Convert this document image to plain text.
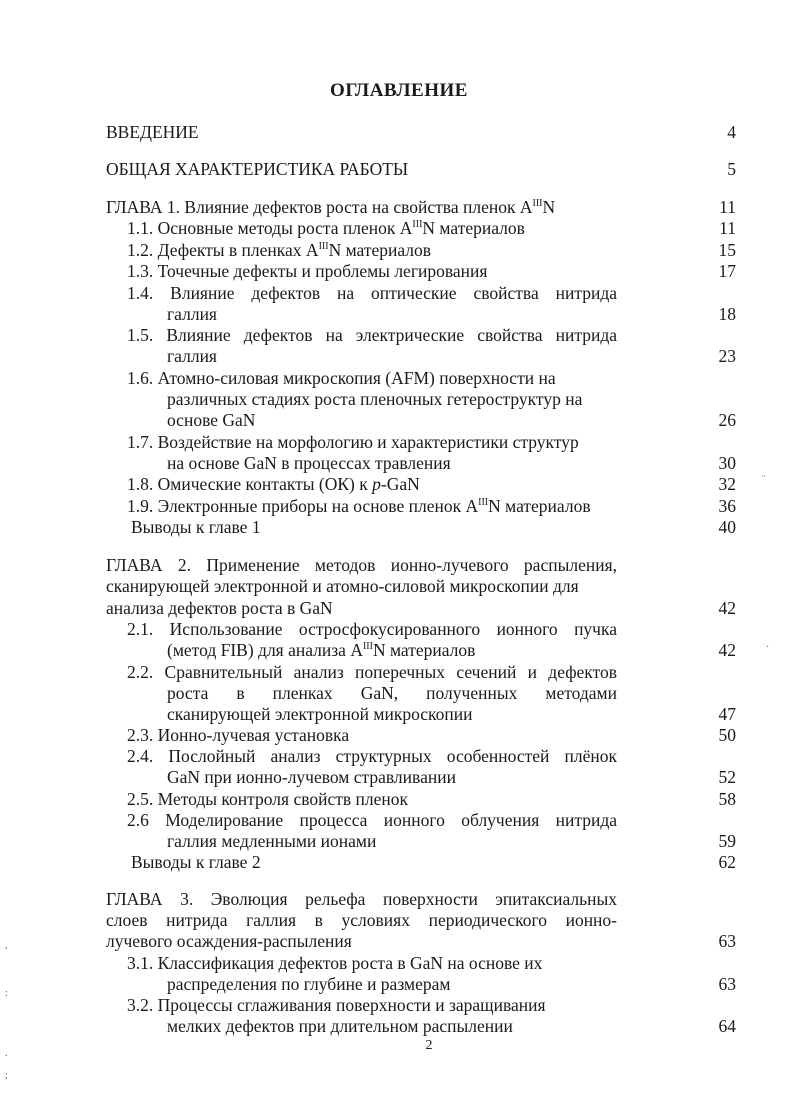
ОГЛАВЛЕНИЕ
ВВЕДЕНИЕ	4
ОБЩАЯ ХАРАКТЕРИСТИКА РАБОТЫ	5
ГЛАВА 1. Влияние дефектов роста на свойства пленок $A^{III}N$	11
1.1. Основные методы роста пленок $A^{III}N$ материалов	11
1.2. Дефекты в пленках $A^{III}N$ материалов	15
1.3. Точечные дефекты и проблемы легирования	17
1.4. Влияние дефектов на оптические свойства нитрида
галлия	18
1.5. Влияние дефектов на электрические свойства нитрида
галлия	23
1.6. Атомно-силовая микроскопия (AFM) поверхности на
различных стадиях роста пленочных гетероструктур на
основе GaN	26
1.7. Воздействие на морфологию и характеристики структур
на основе GaN в процессах травления	30
1.8. Омические контакты (ОК) к p-GaN	32
1.9. Электронные приборы на основе пленок $A^{III}N$ материалов	36
Выводы к главе 1	40
ГЛАВА 2. Применение методов ионно-лучевого распыления,
сканирующей электронной и атомно-силовой микроскопии для
анализа дефектов роста в GaN	42
2.1. Использование остросфокусированного ионного пучка
(метод FIB) для анализа $A^{III}N$ материалов	42
2.2. Сравнительный анализ поперечных сечений и дефектов
роста в пленках GaN, полученных методами
сканирующей электронной микроскопии	47
2.3. Ионно-лучевая установка	50
2.4. Послойный анализ структурных особенностей плёнок
GaN при ионно-лучевом стравливании	52
2.5. Методы контроля свойств пленок	58
2.6 Моделирование процесса ионного облучения нитрида
галлия медленными ионами	59
Выводы к главе 2	62
ГЛАВА 3. Эволюция рельефа поверхности эпитаксиальных
слоев нитрида галлия в условиях периодического ионно-
лучевого осаждения-распыления	63
3.1. Классификация дефектов роста в GaN на основе их
распределения по глубине и размерам	63
3.2. Процессы сглаживания поверхности и заращивания
мелких дефектов при длительном распылении	64
2
¨
·
,
:
.
;
